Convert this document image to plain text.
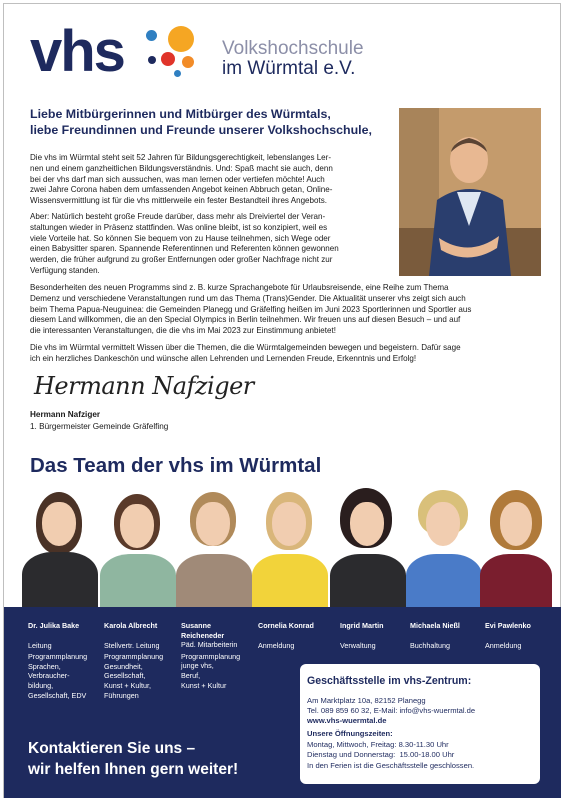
vhs	Volkshochschule
im Würmtal e.V.
Liebe Mitbürgerinnen und Mitbürger des Würmtals,
liebe Freundinnen und Freunde unserer Volkshochschule,
Die vhs im Würmtal steht seit 52 Jahren für Bildungsgerechtigkeit, lebenslanges Ler-
nen und einem ganzheitlichen Bildungsverständnis. Und: Spaß macht sie auch, denn
bei der vhs darf man sich aussuchen, was man lernen oder vertiefen möchte! Auch
zwei Jahre Corona haben dem umfassenden Angebot keinen Abbruch getan, Online-
Wissensvermittlung ist für die vhs mittlerweile ein fester Bestandteil ihres Angebots.
Aber: Natürlich besteht große Freude darüber, dass mehr als Dreiviertel der Veran-
staltungen wieder in Präsenz stattfinden. Was online bleibt, ist so konzipiert, weil es
viele Vorteile hat. So können Sie bequem von zu Hause teilnehmen, sich Wege oder
einen Babysitter sparen. Spannende Referentinnen und Referenten können gewonnen
werden, die früher aufgrund zu großer Entfernungen oder großer Nachfrage nicht zur
Verfügung standen.
Besonderheiten des neuen Programms sind z. B. kurze Sprachangebote für Urlaubsreisende, eine Reihe zum Thema
Demenz und verschiedene Veranstaltungen rund um das Thema (Trans)Gender. Die Aktualität unserer vhs zeigt sich auch
beim Thema Papua-Neuguinea: die Gemeinden Planegg und Gräfelfing heißen im Juni 2023 Sportlerinnen und Sportler aus
diesem Land willkommen, die an den Special Olympics in Berlin teilnehmen. Wir freuen uns auf diesen Besuch – und auf
die interessanten Veranstaltungen, die die vhs im Mai 2023 zur Einstimmung anbietet!
Die vhs im Würmtal vermittelt Wissen über die Themen, die die Würmtalgemeinden bewegen und begeistern. Dafür sage
ich ein herzliches Dankeschön und wünsche allen Lehrenden und Lernenden Freude, Erkenntnis und Erfolg!
Hermann Nafziger
Hermann Nafziger
1. Bürgermeister Gemeinde Gräfelfing
Das Team der vhs im Würmtal
Dr. Julika Bake
Leitung
Programmplanung
Sprachen,
Verbraucher-
bildung,
Gesellschaft, EDV
Karola Albrecht
Stellvertr. Leitung
Programmplanung
Gesundheit,
Gesellschaft,
Kunst + Kultur,
Führungen
Susanne Reicheneder
Päd. Mitarbeiterin
Programmplanung
junge vhs,
Beruf,
Kunst + Kultur
Cornelia Konrad
Anmeldung
Ingrid Martin
Verwaltung
Michaela Nießl
Buchhaltung
Evi Pawlenko
Anmeldung
Kontaktieren Sie uns –
wir helfen Ihnen gern weiter!
Geschäftsstelle im vhs-Zentrum:
Am Marktplatz 10a, 82152 Planegg
Tel. 089 859 60 32, E-Mail: info@vhs-wuermtal.de
www.vhs-wuermtal.de
Unsere Öffnungszeiten:
Montag, Mittwoch, Freitag: 8.30-11.30 Uhr
Dienstag und Donnerstag:  15.00-18.00 Uhr
In den Ferien ist die Geschäftsstelle geschlossen.
